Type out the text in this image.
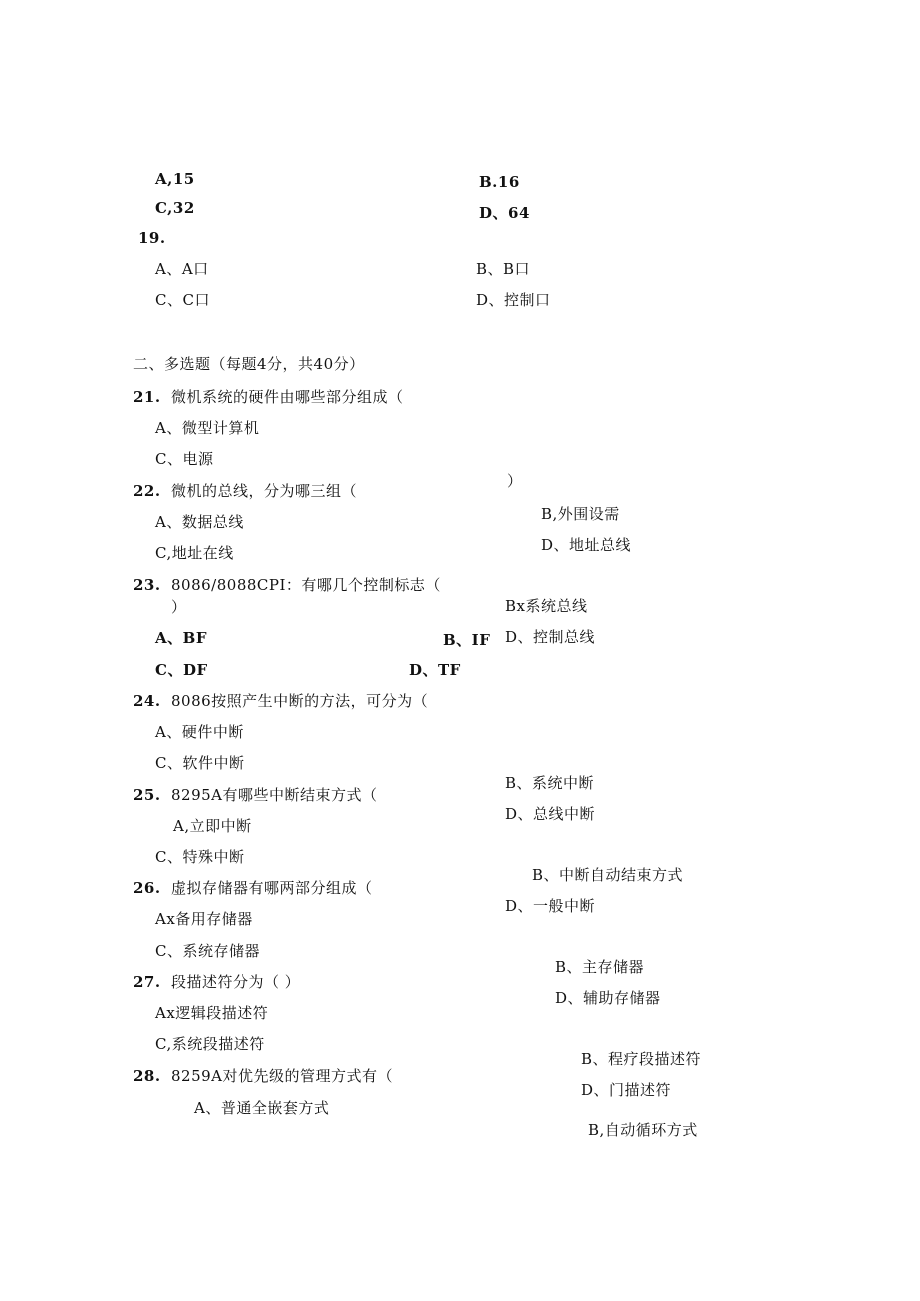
A,15	B.16
C,32	D、64
19.
A、A口	B、B口
C、C口	D、控制口
二、多选题（每题4分，共40分）
21. 微机系统的硬件由哪些部分组成（
A、微型计算机
C、电源
）
B,外围设需
D、地址总线
22. 微机的总线，分为哪三组（
A、数据总线
C,地址在线
Bx系统总线
D、控制总线
23. 8086/8088CPI：有哪几个控制标志（
）
A、BF	B、IF
C、DF	D、TF
24. 8086按照产生中断的方法，可分为（
A、硬件中断
C、软件中断
B、系统中断
D、总线中断
25. 8295A有哪些中断结束方式（
A,立即中断
C、特殊中断
B、中断自动结束方式
D、一般中断
26. 虚拟存储器有哪两部分组成（
Ax备用存储器
C、系统存储器
B、主存储器
D、辅助存储器
27. 段描述符分为（ ）
Ax逻辑段描述符
C,系统段描述符
B、程疗段描述符
D、门描述符
28. 8259A对优先级的管理方式有（
A、普通全嵌套方式
B,自动循环方式
